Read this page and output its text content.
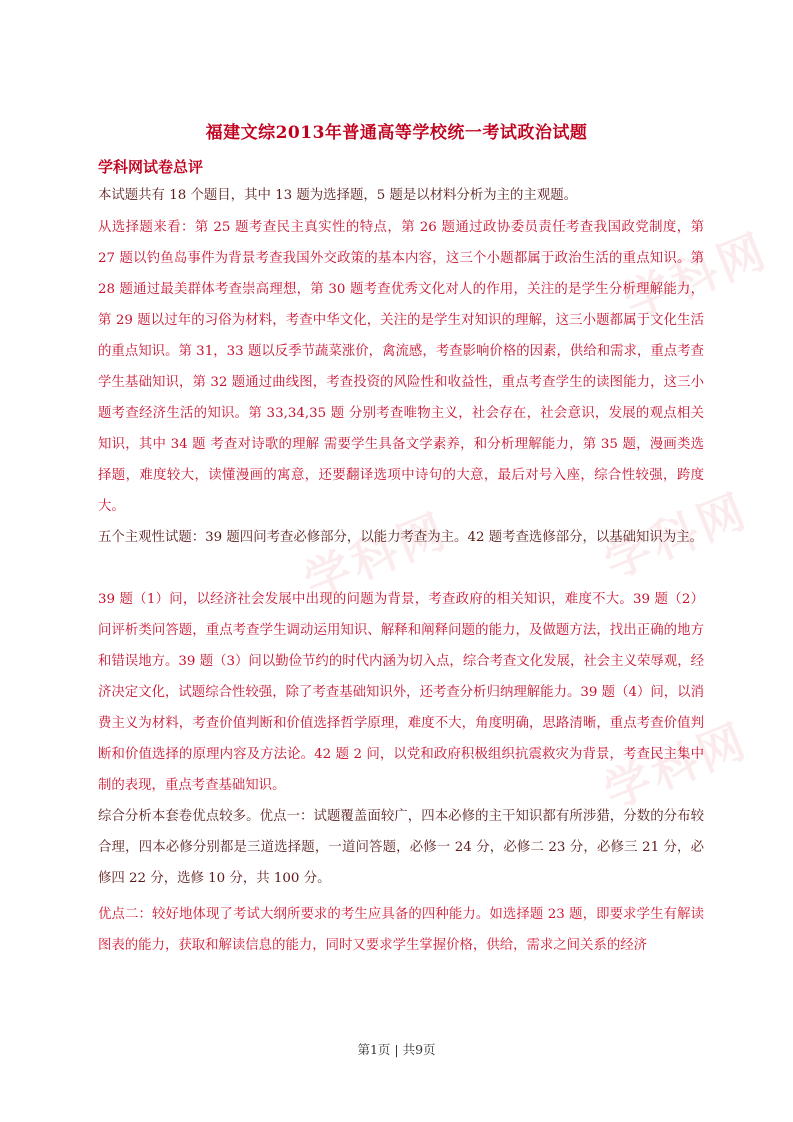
学科网	学科网
学科网
学科网
福建文综2013年普通高等学校统一考试政治试题
学科网试卷总评
本试题共有 18 个题目，其中 13 题为选择题，5 题是以材料分析为主的主观题。
从选择题来看：第 25 题考查民主真实性的特点，第 26 题通过政协委员责任考查我国政党制度，第 27 题以钓鱼岛事件为背景考查我国外交政策的基本内容，这三个小题都属于政治生活的重点知识。第 28 题通过最美群体考查崇高理想，第 30 题考查优秀文化对人的作用，关注的是学生分析理解能力，第 29 题以过年的习俗为材料，考查中华文化，关注的是学生对知识的理解，这三小题都属于文化生活的重点知识。第 31，33 题以反季节蔬菜涨价，禽流感，考查影响价格的因素，供给和需求，重点考查学生基础知识，第 32 题通过曲线图，考查投资的风险性和收益性，重点考查学生的读图能力，这三小题考查经济生活的知识。第 33,34,35 题 分别考查唯物主义，社会存在，社会意识，发展的观点相关知识，其中 34 题 考查对诗歌的理解 需要学生具备文学素养，和分析理解能力，第 35 题，漫画类选择题，难度较大，读懂漫画的寓意，还要翻译选项中诗句的大意，最后对号入座，综合性较强，跨度大。
五个主观性试题：39 题四问考查必修部分，以能力考查为主。42 题考查选修部分，以基础知识为主。
39 题（1）问，以经济社会发展中出现的问题为背景，考查政府的相关知识，难度不大。39 题（2）问评析类问答题，重点考查学生调动运用知识、解释和阐释问题的能力，及做题方法，找出正确的地方和错误地方。39 题（3）问以勤俭节约的时代内涵为切入点，综合考查文化发展，社会主义荣辱观，经济决定文化，试题综合性较强，除了考查基础知识外，还考查分析归纳理解能力。39 题（4）问，以消费主义为材料，考查价值判断和价值选择哲学原理，难度不大，角度明确，思路清晰，重点考查价值判断和价值选择的原理内容及方法论。42 题 2 问，以党和政府积极组织抗震救灾为背景，考查民主集中制的表现，重点考查基础知识。
综合分析本套卷优点较多。优点一：试题覆盖面较广，四本必修的主干知识都有所涉猎，分数的分布较合理，四本必修分别都是三道选择题，一道问答题，必修一 24 分，必修二 23 分，必修三 21 分，必修四 22 分，选修 10 分，共 100 分。
优点二：较好地体现了考试大纲所要求的考生应具备的四种能力。如选择题 23 题，即要求学生有解读图表的能力，获取和解读信息的能力，同时又要求学生掌握价格，供给，需求之间关系的经济
第1页 | 共9页
